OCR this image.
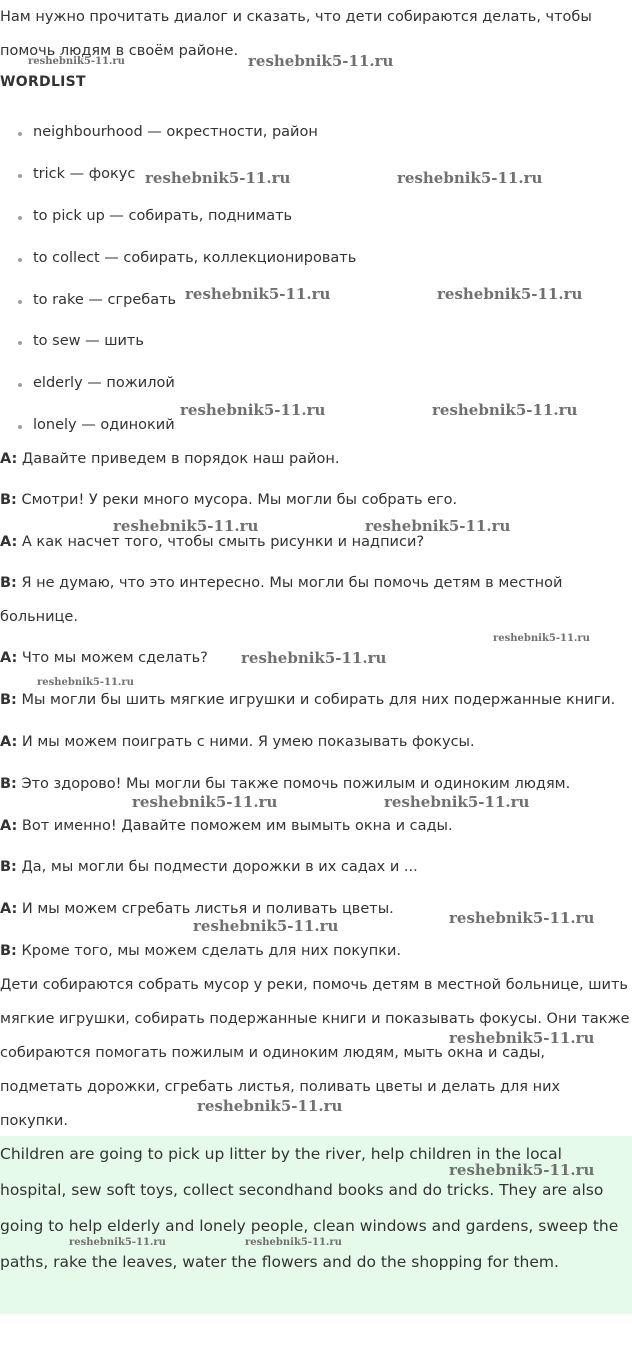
Нам нужно прочитать диалог и сказать, что дети собираются делать, чтобы помочь людям в своём районе.

WORDLIST
neighbourhood — окрестности, район
trick — фокус
to pick up — собирать, поднимать
to collect — собирать, коллекционировать
to rake — сгребать
to sew — шить
elderly — пожилой
lonely — одинокий
A: Давайте приведем в порядок наш район.
B: Смотри! У реки много мусора. Мы могли бы собрать его.
A: А как насчет того, чтобы смыть рисунки и надписи?

B: Я не думаю, что это интересно. Мы могли бы помочь детям в местной больнице.

A: Что мы можем сделать?
B: Мы могли бы шить мягкие игрушки и собирать для них подержанные книги.
A: И мы можем поиграть с ними. Я умею показывать фокусы.
B: Это здорово! Мы могли бы также помочь пожилым и одиноким людям.
A: Вот именно! Давайте поможем им вымыть окна и сады.
B: Да, мы могли бы подмести дорожки в их садах и ...
A: И мы можем сгребать листья и поливать цветы.
B: Кроме того, мы можем сделать для них покупки.

Дети собираются собрать мусор у реки, помочь детям в местной больнице, шить мягкие игрушки, собирать подержанные книги и показывать фокусы. Они также собираются помогать пожилым и одиноким людям, мыть окна и сады, подметать дорожки, сгребать листья, поливать цветы и делать для них покупки.

Children are going to pick up litter by the river, help children in the local hospital, sew soft toys, collect secondhand books and do tricks. They are also going to help elderly and lonely people, clean windows and gardens, sweep the paths, rake the leaves, water the flowers and do the shopping for them.

reshebnik5-11.ru	reshebnik5-11.ru
reshebnik5-11.ru	reshebnik5-11.ru
reshebnik5-11.ru	reshebnik5-11.ru
reshebnik5-11.ru	reshebnik5-11.ru
reshebnik5-11.ru	reshebnik5-11.ru
reshebnik5-11.ru
reshebnik5-11.ru
reshebnik5-11.ru
reshebnik5-11.ru	reshebnik5-11.ru
reshebnik5-11.ru	reshebnik5-11.ru
reshebnik5-11.ru
reshebnik5-11.ru
reshebnik5-11.ru
reshebnik5-11.ru	reshebnik5-11.ru
